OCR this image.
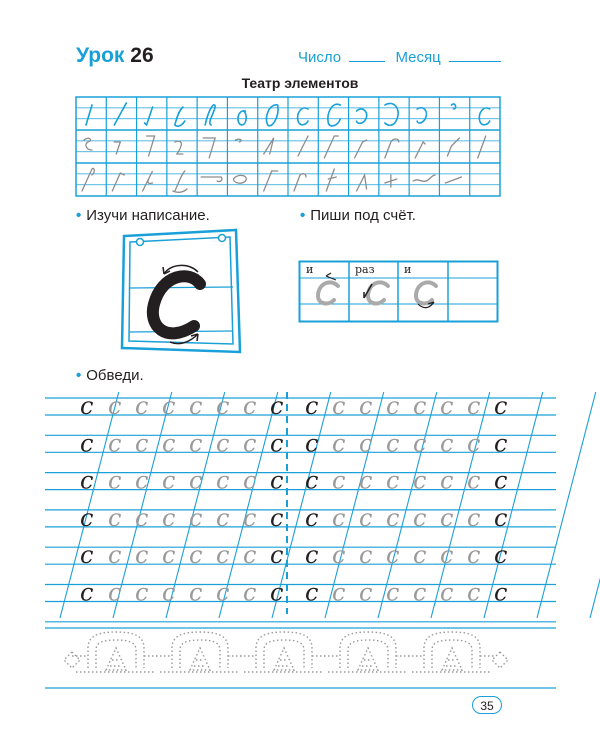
Урок 26	Число	Месяц
Театр элементов
• Изучи написание.	• Пиши под счёт.
• Обведи.
и	раз	и
с с с с с с с с с с с с с с с с
с с с с с с с с с с с с с с с с
с с с с с с с с с с с с с с с с
с с с с с с с с с с с с с с с с
с с с с с с с с с с с с с с с с
с с с с с с с с с с с с с с с с
35
